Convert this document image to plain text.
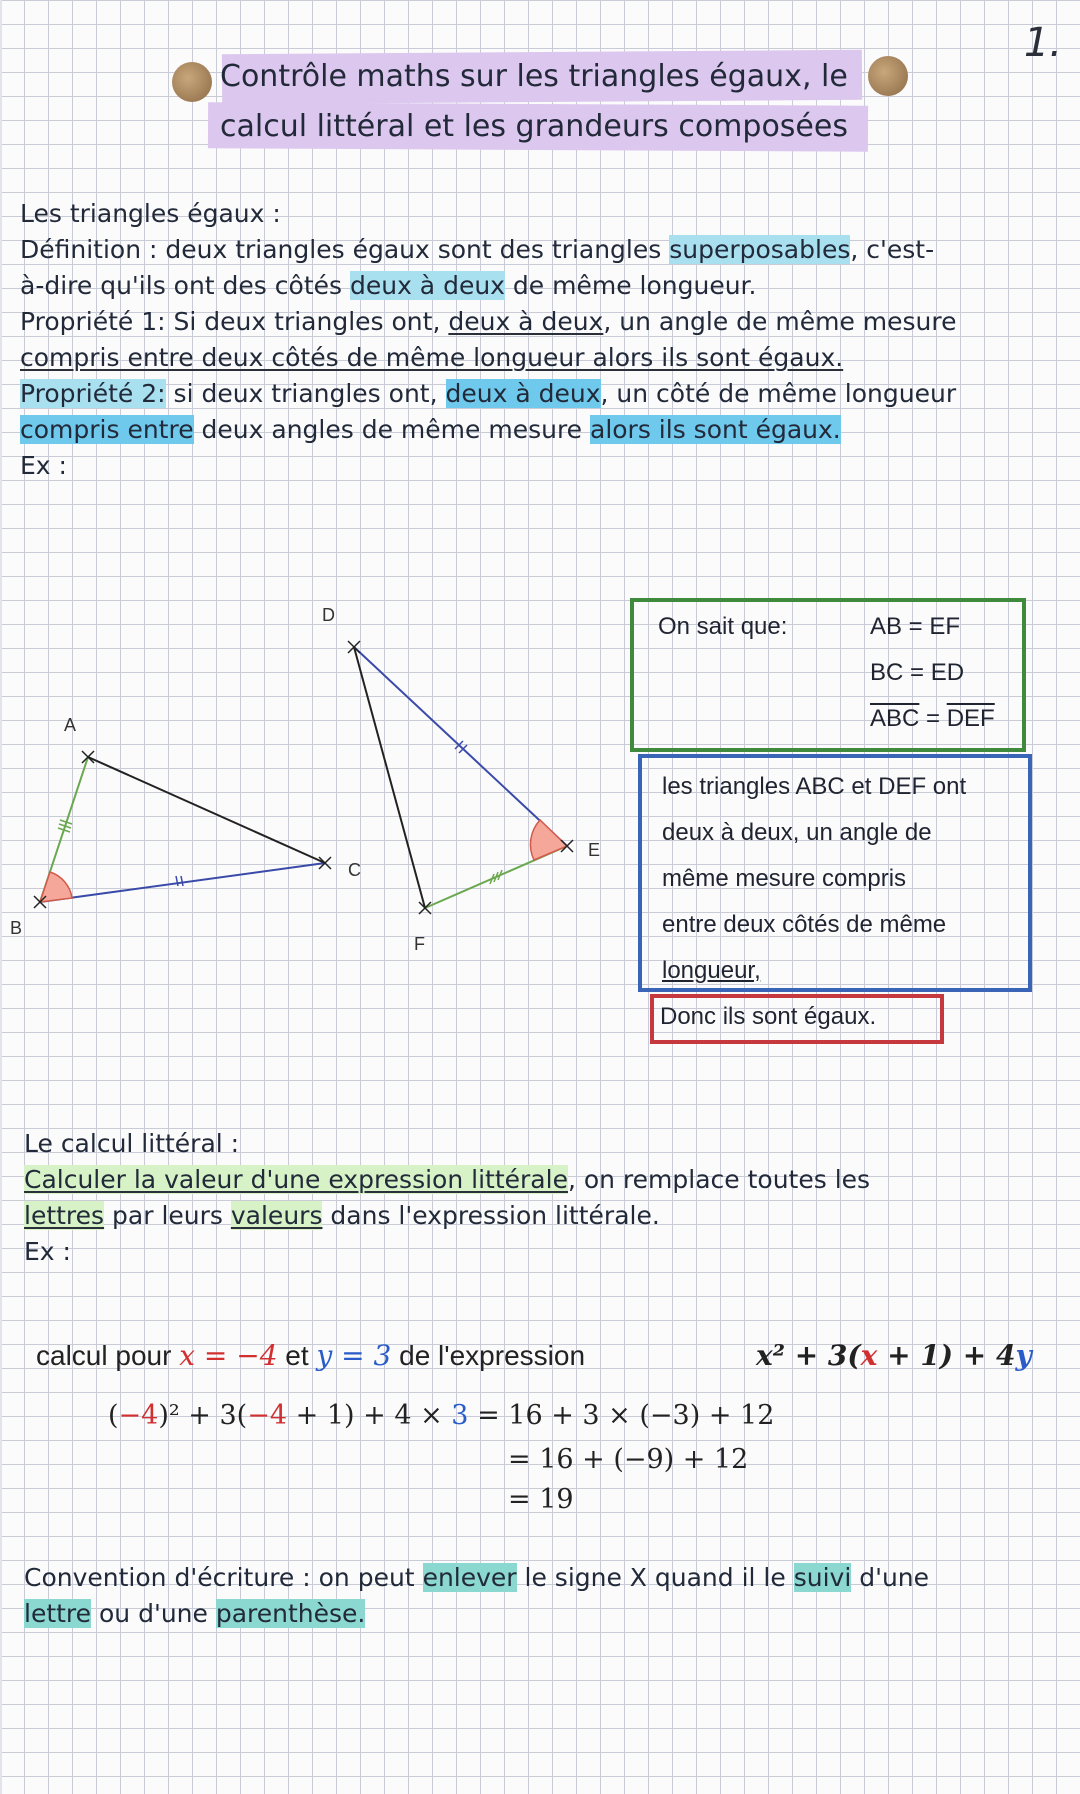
1.
Contrôle maths sur les triangles égaux, le
calcul littéral et les grandeurs composées
Les triangles égaux :
Définition : deux triangles égaux sont des triangles superposables, c'est-
à-dire qu'ils ont des côtés deux à deux de même longueur.
Propriété 1: Si deux triangles ont, deux à deux, un angle de même mesure
compris entre deux côtés de même longueur alors ils sont égaux.
Propriété 2: si deux triangles ont, deux à deux, un côté de même longueur
compris entre deux angles de même mesure alors ils sont égaux.
Ex :
A
B
C
D
E
F
On sait que:	AB = EF
BC = ED
$\overline{ABC} = \overline{DEF}$
les triangles ABC et DEF ont
deux à deux, un angle de
même mesure compris
entre deux côtés de même
longueur,
Donc ils sont égaux.
Le calcul littéral :
Calculer la valeur d'une expression littérale, on remplace toutes les
lettres par leurs valeurs dans l'expression littérale.
Ex :
calcul pour x = −4 et y = 3 de l'expression	x² + 3(x + 1) + 4y
(−4)² + 3(−4 + 1) + 4 × 3 = 16 + 3 × (−3) + 12
= 16 + (−9) + 12
= 19
Convention d'écriture : on peut enlever le signe X quand il le suivi d'une
lettre ou d'une parenthèse.
